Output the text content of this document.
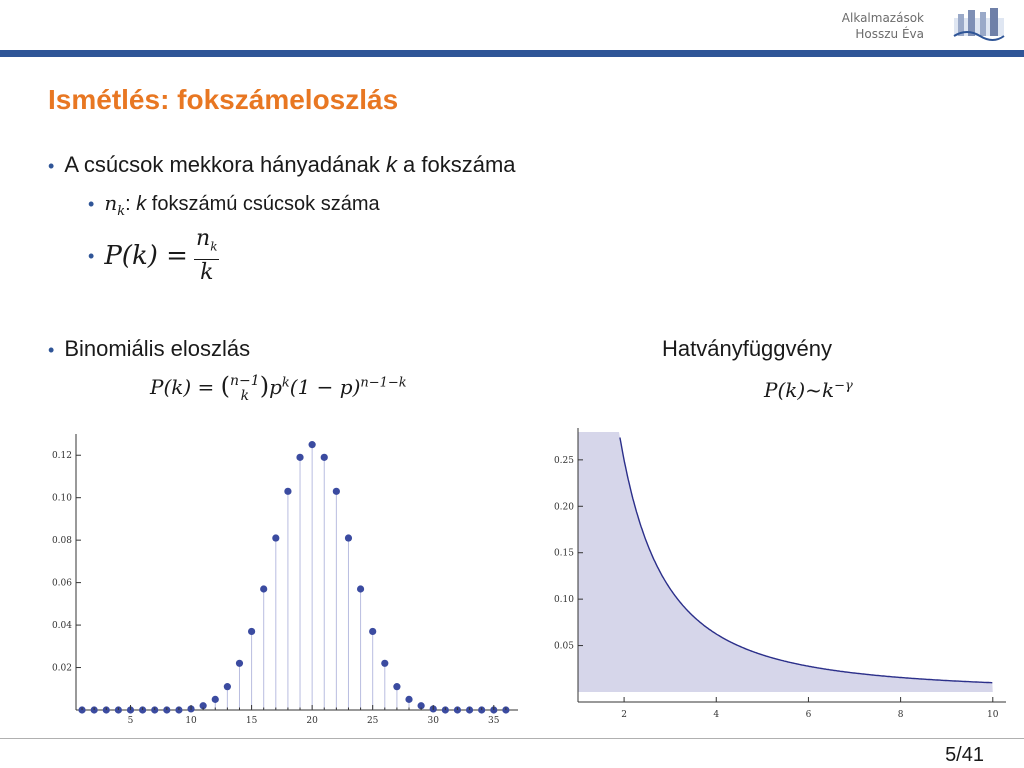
Alkalmazások
Hosszu Éva
Ismétlés: fokszámeloszlás
• A csúcsok mekkora hányadának k a fokszáma
• $n_k$: k fokszámú csúcsok száma
• $P(k) = \frac{n_k}{k}$
• Binomiális eloszlás
P(k) = ( n−1
k )$p^k(1 - p)^{n-1-k}$
Hatványfüggvény
$P(k)\sim k^{-\gamma}$
0.02
0.04
0.06
0.08
0.10
0.12
5	10	15	20	25	30	35
0.05
0.10
0.15
0.20
0.25
2	4	6	8	10
5/41
